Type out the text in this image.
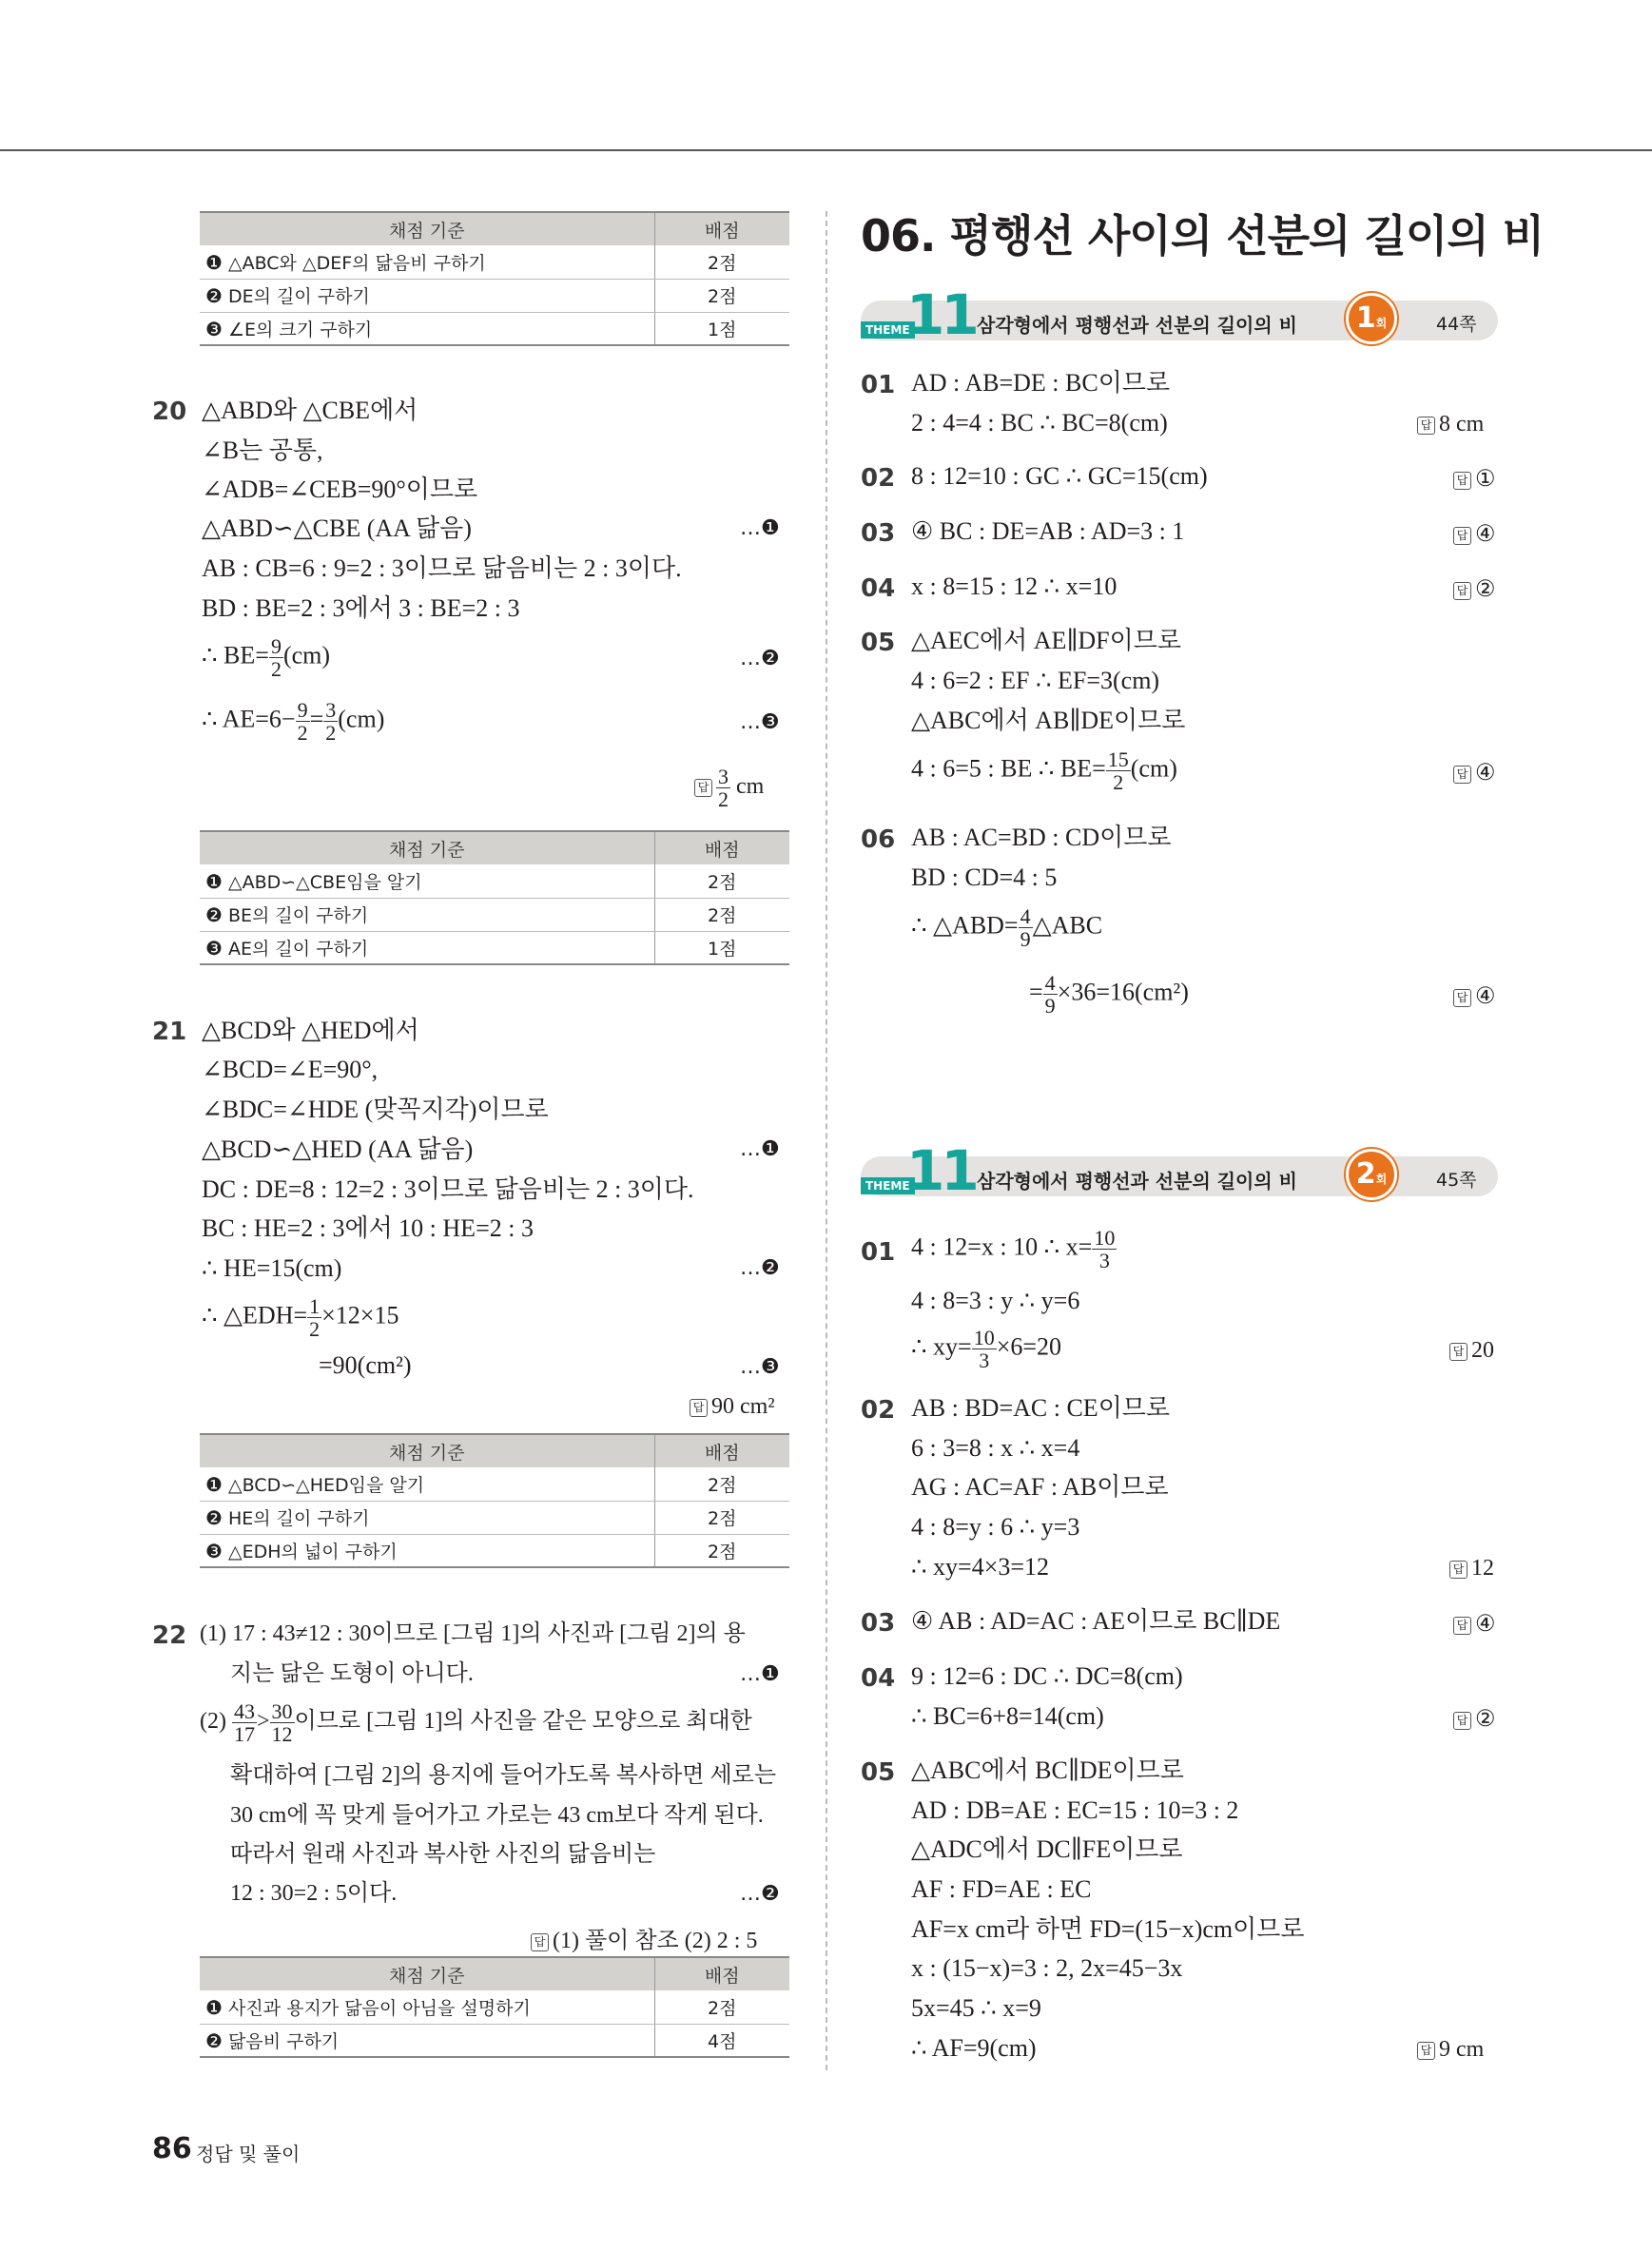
채점 기준	배점
❶ △ABC와 △DEF의 닮음비 구하기	2점
❷ DE의 길이 구하기	2점
❸ ∠E의 크기 구하기	1점
20 △ABD와 △CBE에서
∠B는 공통,
∠ADB=∠CEB=90°이므로
△ABD∽△CBE (AA 닮음)	…❶
AB : CB=6 : 9=2 : 3이므로 닮음비는 2 : 3이다.
BD : BE=2 : 3에서 3 : BE=2 : 3
∴ $BE= \frac{9}{2} (cm)$	…❷
∴ $AE=6- \frac{9}{2} = \frac{3}{2} (cm)$	…❸
답 $\frac{3}{2}$ cm
채점 기준	배점
❶ △ABD∽△CBE임을 알기	2점
❷ BE의 길이 구하기	2점
❸ AE의 길이 구하기	1점
21 △BCD와 △HED에서
∠BCD=∠E=90°,
∠BDC=∠HDE (맞꼭지각)이므로
△BCD∽△HED (AA 닮음)	…❶
DC : DE=8 : 12=2 : 3이므로 닮음비는 2 : 3이다.
BC : HE=2 : 3에서 10 : HE=2 : 3
∴ HE=15(cm)	…❷
∴ △EDH= $\frac{1}{2} \times 12\times 15$
=90(cm²)	…❸
답 90 cm²
채점 기준	배점
❶ △BCD∽△HED임을 알기	2점
❷ HE의 길이 구하기	2점
❸ △EDH의 넓이 구하기	2점
22 (1) 17 : 43≠12 : 30이므로 [그림 1]의 사진과 [그림 2]의 용
지는 닮은 도형이 아니다.	…❶
$(2) \frac{43}{17} > \frac{30}{12}$ 이므로 [그림 1]의 사진을 같은 모양으로 최대한
확대하여 [그림 2]의 용지에 들어가도록 복사하면 세로는
30 cm에 꼭 맞게 들어가고 가로는 43 cm보다 작게 된다.
따라서 원래 사진과 복사한 사진의 닮음비는
12 : 30=2 : 5이다.	…❷
답 (1) 풀이 참조 (2) 2 : 5
채점 기준	배점
❶ 사진과 용지가 닮음이 아님을 설명하기	2점
❷ 닮음비 구하기	4점
06. 평행선 사이의 선분의 길이의 비
THEME
11 삼각형에서 평행선과 선분의 길이의 비	1회	44쪽
01 AD : AB=DE : BC이므로
2 : 4=4 : BC ∴ BC=8(cm)	답 8 cm
02 8 : 12=10 : GC ∴ GC=15(cm)	답 ①
03 ④ BC : DE=AB : AD=3 : 1	답 ④
04 x : 8=15 : 12 ∴ x=10	답 ②
05 △AEC에서 AE∥DF이므로
4 : 6=2 : EF ∴ EF=3(cm)
△ABC에서 AB∥DE이므로
4 : 6=5 : BE ∴ $BE= \frac{15}{2} (cm)$	답 ④
06 AB : AC=BD : CD이므로
BD : CD=4 : 5
∴ △ABD= $\frac{4}{9}$ △ABC
= $\frac{4}{9} \times 36=16(cm^2)$	답 ④
THEME
11 삼각형에서 평행선과 선분의 길이의 비	2회	45쪽
01 4 : 12=x : 10 ∴ $x= \frac{10}{3}$
4 : 8=3 : y ∴ y=6
∴ $xy= \frac{10}{3} \times 6=20$	답 20
02 AB : BD=AC : CE이므로
6 : 3=8 : x ∴ x=4
AG : AC=AF : AB이므로
4 : 8=y : 6 ∴ y=3
∴ xy=4×3=12	답 12
03 ④ AB : AD=AC : AE이므로 BC∥DE	답 ④
04 9 : 12=6 : DC ∴ DC=8(cm)
∴ BC=6+8=14(cm)	답 ②
05 △ABC에서 BC∥DE이므로
AD : DB=AE : EC=15 : 10=3 : 2
△ADC에서 DC∥FE이므로
AF : FD=AE : EC
AF=x cm라 하면 FD=(15−x)cm이므로
x : (15−x)=3 : 2, 2x=45−3x
5x=45 ∴ x=9
∴ AF=9(cm)	답 9 cm
86 정답 및 풀이
